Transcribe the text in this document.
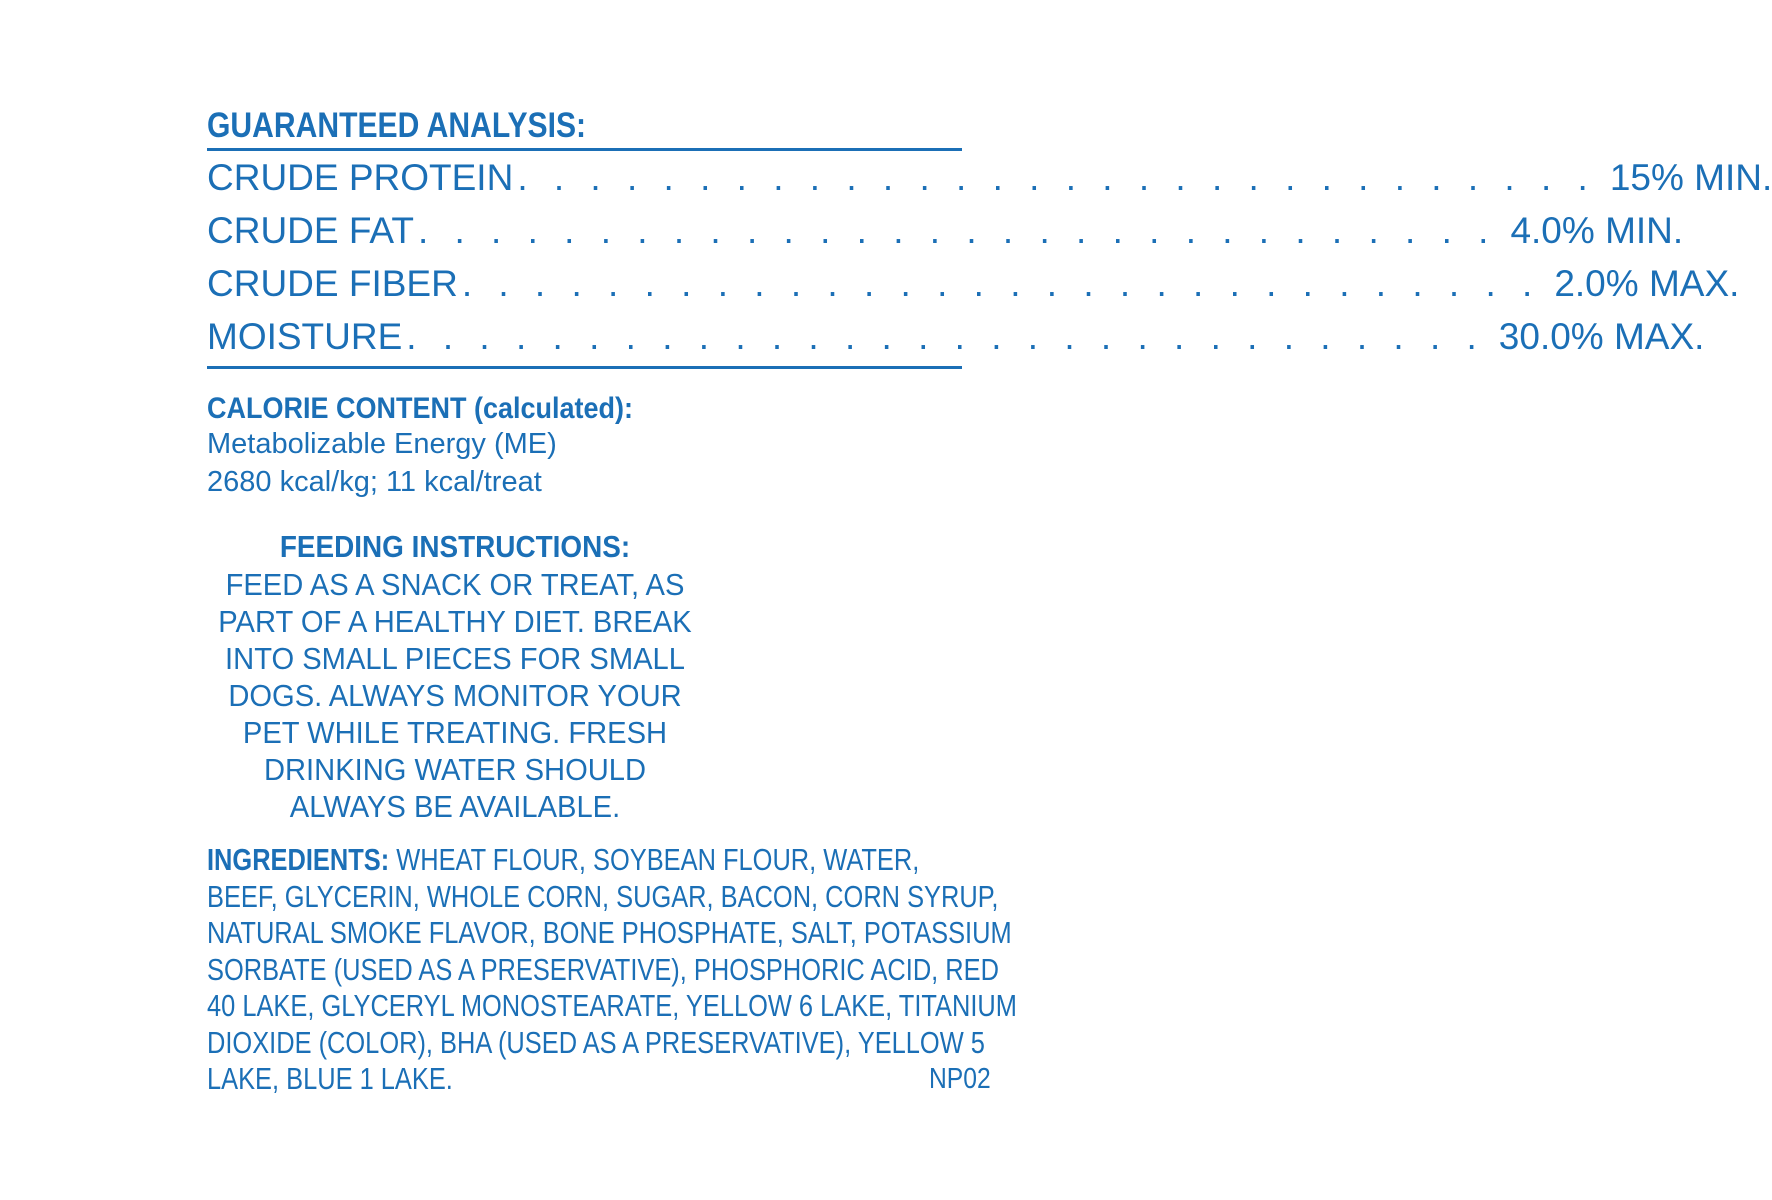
GUARANTEED ANALYSIS:
CRUDE PROTEIN . . . . . . . . . . . . . . . . . . . . . . . . . . . . . . 15% MIN.
CRUDE FAT . . . . . . . . . . . . . . . . . . . . . . . . . . . . . . 4.0% MIN.
CRUDE FIBER . . . . . . . . . . . . . . . . . . . . . . . . . . . . . . 2.0% MAX.
MOISTURE . . . . . . . . . . . . . . . . . . . . . . . . . . . . . . 30.0% MAX.
CALORIE CONTENT (calculated):
Metabolizable Energy (ME)
2680 kcal/kg; 11 kcal/treat
FEEDING INSTRUCTIONS:
FEED AS A SNACK OR TREAT, AS
PART OF A HEALTHY DIET. BREAK
INTO SMALL PIECES FOR SMALL
DOGS. ALWAYS MONITOR YOUR
PET WHILE TREATING. FRESH
DRINKING WATER SHOULD
ALWAYS BE AVAILABLE.
INGREDIENTS: WHEAT FLOUR, SOYBEAN FLOUR, WATER,
BEEF, GLYCERIN, WHOLE CORN, SUGAR, BACON, CORN SYRUP,
NATURAL SMOKE FLAVOR, BONE PHOSPHATE, SALT, POTASSIUM
SORBATE (USED AS A PRESERVATIVE), PHOSPHORIC ACID, RED
40 LAKE, GLYCERYL MONOSTEARATE, YELLOW 6 LAKE, TITANIUM
DIOXIDE (COLOR), BHA (USED AS A PRESERVATIVE), YELLOW 5
LAKE, BLUE 1 LAKE.	NP02
